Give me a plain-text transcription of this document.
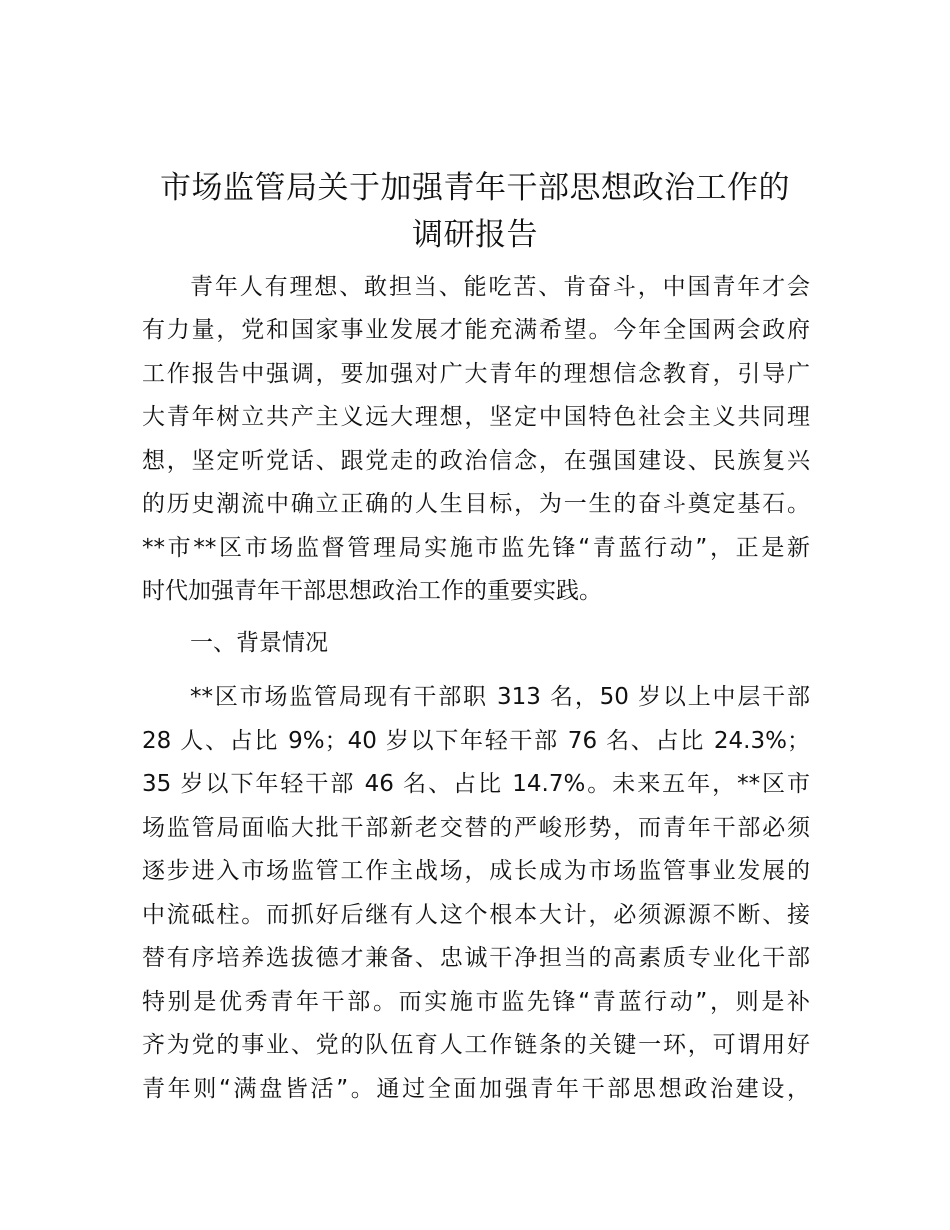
市场监管局关于加强青年干部思想政治工作的
调研报告

青年人有理想、敢担当、能吃苦、肯奋斗，中国青年才会

有力量，党和国家事业发展才能充满希望。今年全国两会政府

工作报告中强调，要加强对广大青年的理想信念教育，引导广

大青年树立共产主义远大理想，坚定中国特色社会主义共同理

想，坚定听党话、跟党走的政治信念，在强国建设、民族复兴

的历史潮流中确立正确的人生目标，为一生的奋斗奠定基石。

**市**区市场监督管理局实施市监先锋“青蓝行动”，正是新

时代加强青年干部思想政治工作的重要实践。

一、背景情况

**区市场监管局现有干部职 313 名，50 岁以上中层干部

28 人、占比 9%；40 岁以下年轻干部 76 名、占比 24.3%；

35 岁以下年轻干部 46 名、占比 14.7%。未来五年，**区市

场监管局面临大批干部新老交替的严峻形势，而青年干部必须

逐步进入市场监管工作主战场，成长成为市场监管事业发展的

中流砥柱。而抓好后继有人这个根本大计，必须源源不断、接

替有序培养选拔德才兼备、忠诚干净担当的高素质专业化干部

特别是优秀青年干部。而实施市监先锋“青蓝行动”，则是补

齐为党的事业、党的队伍育人工作链条的关键一环，可谓用好

青年则“满盘皆活”。通过全面加强青年干部思想政治建设，
